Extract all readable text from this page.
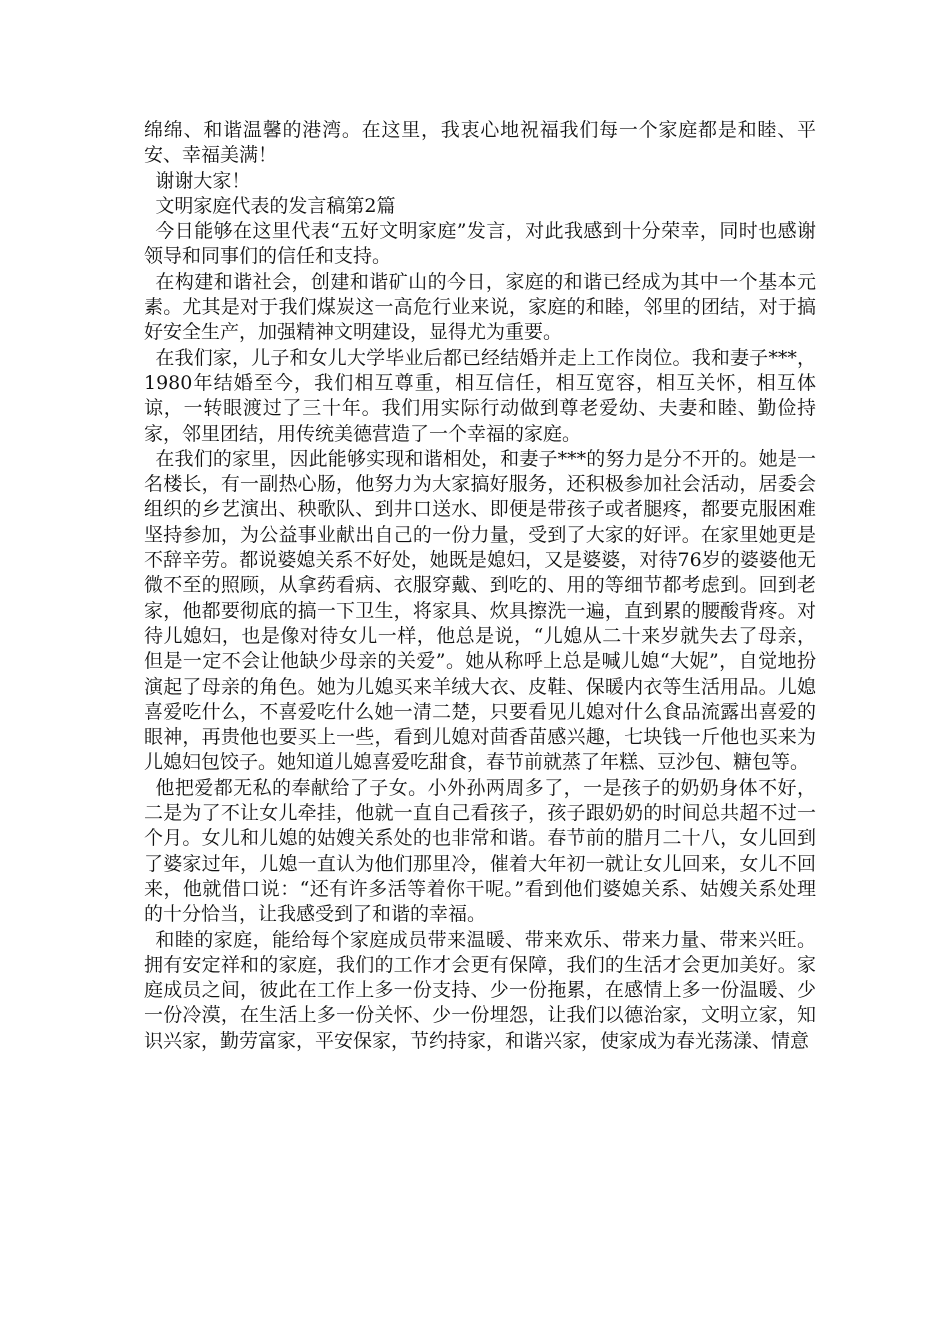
绵绵、和谐温馨的港湾。在这里，我衷心地祝福我们每一个家庭都是和睦、平安、幸福美满！

谢谢大家！

文明家庭代表的发言稿第2篇

今日能够在这里代表“五好文明家庭”发言，对此我感到十分荣幸，同时也感谢领导和同事们的信任和支持。

在构建和谐社会，创建和谐矿山的今日，家庭的和谐已经成为其中一个基本元素。尤其是对于我们煤炭这一高危行业来说，家庭的和睦，邻里的团结，对于搞好安全生产，加强精神文明建设，显得尤为重要。

在我们家，儿子和女儿大学毕业后都已经结婚并走上工作岗位。我和妻子***，1980年结婚至今，我们相互尊重，相互信任，相互宽容，相互关怀，相互体谅，一转眼渡过了三十年。我们用实际行动做到尊老爱幼、夫妻和睦、勤俭持家，邻里团结，用传统美德营造了一个幸福的家庭。

在我们的家里，因此能够实现和谐相处，和妻子***的努力是分不开的。她是一名楼长，有一副热心肠，他努力为大家搞好服务，还积极参加社会活动，居委会组织的乡艺演出、秧歌队、到井口送水、即便是带孩子或者腿疼，都要克服困难坚持参加，为公益事业献出自己的一份力量，受到了大家的好评。在家里她更是不辞辛劳。都说婆媳关系不好处，她既是媳妇，又是婆婆，对待76岁的婆婆他无微不至的照顾，从拿药看病、衣服穿戴、到吃的、用的等细节都考虑到。回到老家，他都要彻底的搞一下卫生，将家具、炊具擦洗一遍，直到累的腰酸背疼。对待儿媳妇，也是像对待女儿一样，他总是说，“儿媳从二十来岁就失去了母亲，但是一定不会让他缺少母亲的关爱”。她从称呼上总是喊儿媳“大妮”，自觉地扮演起了母亲的角色。她为儿媳买来羊绒大衣、皮鞋、保暖内衣等生活用品。儿媳喜爱吃什么，不喜爱吃什么她一清二楚，只要看见儿媳对什么食品流露出喜爱的眼神，再贵他也要买上一些，看到儿媳对茴香苗感兴趣，七块钱一斤他也买来为儿媳妇包饺子。她知道儿媳喜爱吃甜食，春节前就蒸了年糕、豆沙包、糖包等。

他把爱都无私的奉献给了子女。小外孙两周多了，一是孩子的奶奶身体不好，二是为了不让女儿牵挂，他就一直自己看孩子，孩子跟奶奶的时间总共超不过一个月。女儿和儿媳的姑嫂关系处的也非常和谐。春节前的腊月二十八，女儿回到了婆家过年，儿媳一直认为他们那里冷，催着大年初一就让女儿回来，女儿不回来，他就借口说：“还有许多活等着你干呢。”看到他们婆媳关系、姑嫂关系处理的十分恰当，让我感受到了和谐的幸福。

和睦的家庭，能给每个家庭成员带来温暖、带来欢乐、带来力量、带来兴旺。拥有安定祥和的家庭，我们的工作才会更有保障，我们的生活才会更加美好。家庭成员之间，彼此在工作上多一份支持、少一份拖累，在感情上多一份温暖、少一份冷漠，在生活上多一份关怀、少一份埋怨，让我们以德治家，文明立家，知识兴家，勤劳富家，平安保家，节约持家，和谐兴家，使家成为春光荡漾、情意
